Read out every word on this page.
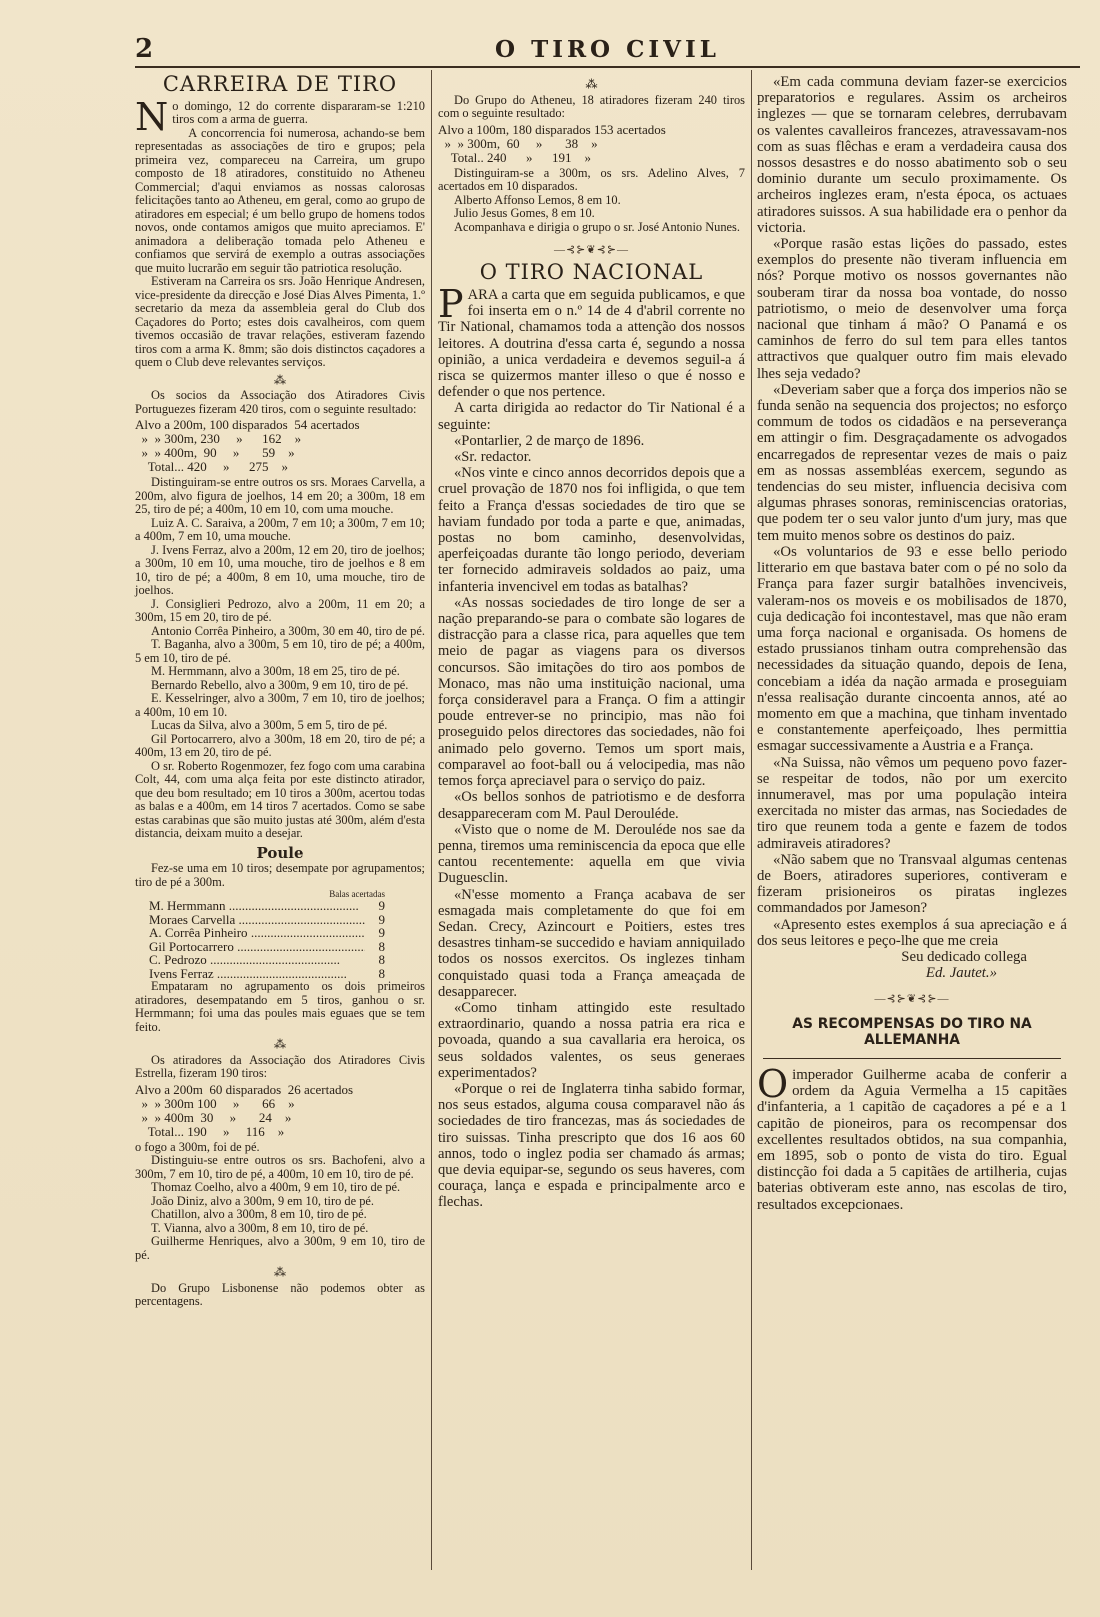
2	O TIRO CIVIL
CARREIRA DE TIRO

No domingo, 12 do corrente dispararam-se 1:210 tiros com a arma de guerra.

A concorrencia foi numerosa, achando-se bem representadas as associações de tiro e grupos; pela primeira vez, compareceu na Carreira, um grupo composto de 18 atiradores, constituido no Atheneu Commercial; d'aqui enviamos as nossas calorosas felicitações tanto ao Atheneu, em geral, como ao grupo de atiradores em especial; é um bello grupo de homens todos novos, onde contamos amigos que muito apreciamos. E' animadora a deliberação tomada pelo Atheneu e confiamos que servirá de exemplo a outras associações que muito lucrarão em seguir tão patriotica resolução.

Estiveram na Carreira os srs. João Henrique Andresen, vice-presidente da direcção e José Dias Alves Pimenta, 1.º secretario da meza da assembleia geral do Club dos Caçadores do Porto; estes dois cavalheiros, com quem tivemos occasião de travar relações, estiveram fazendo tiros com a arma K. 8mm; são dois distinctos caçadores a quem o Club deve relevantes serviços.

⁂

Os socios da Associação dos Atiradores Civis Portuguezes fizeram 420 tiros, com o seguinte resultado:

Alvo a 200m, 100 disparados  54 acertados
»  » 300m, 230     »      162    »
»  » 400m,  90     »       59    »
Total... 420     »      275    »

Distinguiram-se entre outros os srs. Moraes Carvella, a 200m, alvo figura de joelhos, 14 em 20; a 300m, 18 em 25, tiro de pé; a 400m, 10 em 10, com uma mouche.

Luiz A. C. Saraiva, a 200m, 7 em 10; a 300m, 7 em 10; a 400m, 7 em 10, uma mouche.

J. Ivens Ferraz, alvo a 200m, 12 em 20, tiro de joelhos; a 300m, 10 em 10, uma mouche, tiro de joelhos e 8 em 10, tiro de pé; a 400m, 8 em 10, uma mouche, tiro de joelhos.

J. Consiglieri Pedrozo, alvo a 200m, 11 em 20; a 300m, 15 em 20, tiro de pé.

Antonio Corrêa Pinheiro, a 300m, 30 em 40, tiro de pé.

T. Baganha, alvo a 300m, 5 em 10, tiro de pé; a 400m, 5 em 10, tiro de pé.

M. Hermmann, alvo a 300m, 18 em 25, tiro de pé.

Bernardo Rebello, alvo a 300m, 9 em 10, tiro de pé.

E. Kesselringer, alvo a 300m, 7 em 10, tiro de joelhos; a 400m, 10 em 10.

Lucas da Silva, alvo a 300m, 5 em 5, tiro de pé.

Gil Portocarrero, alvo a 300m, 18 em 20, tiro de pé; a 400m, 13 em 20, tiro de pé.

O sr. Roberto Rogenmozer, fez fogo com uma carabina Colt, 44, com uma alça feita por este distincto atirador, que deu bom resultado; em 10 tiros a 300m, acertou todas as balas e a 400m, em 14 tiros 7 acertados. Como se sabe estas carabinas que são muito justas até 300m, além d'esta distancia, deixam muito a desejar.

Poule

Fez-se uma em 10 tiros; desempate por agrupamentos; tiro de pé a 300m.

Balas acertadas
M. Hermmann .....	9
Moraes Carvella .....	9
A. Corrêa Pinheiro .....	9
Gil Portocarrero .....	8
C. Pedrozo .....	8
Ivens Ferraz .....	8

Empataram no agrupamento os dois primeiros atiradores, desempatando em 5 tiros, ganhou o sr. Hermmann; foi uma das poules mais eguaes que se tem feito.

⁂

Os atiradores da Associação dos Atiradores Civis Estrella, fizeram 190 tiros:

Alvo a 200m  60 disparados  26 acertados
»  » 300m 100     »       66    »
»  » 400m  30     »       24    »
Total... 190     »     116    »

o fogo a 300m, foi de pé.

Distinguiu-se entre outros os srs. Bachofeni, alvo a 300m, 7 em 10, tiro de pé, a 400m, 10 em 10, tiro de pé.

Thomaz Coelho, alvo a 400m, 9 em 10, tiro de pé.

João Diniz, alvo a 300m, 9 em 10, tiro de pé.

Chatillon, alvo a 300m, 8 em 10, tiro de pé.

T. Vianna, alvo a 300m, 8 em 10, tiro de pé.

Guilherme Henriques, alvo a 300m, 9 em 10, tiro de pé.

⁂

Do Grupo Lisbonense não podemos obter as percentagens.

⁂

Do Grupo do Atheneu, 18 atiradores fizeram 240 tiros com o seguinte resultado:

Alvo a 100m, 180 disparados 153 acertados
»  » 300m,  60     »       38    »
Total.. 240      »      191    »

Distinguiram-se a 300m, os srs. Adelino Alves, 7 acertados em 10 disparados.

Alberto Affonso Lemos, 8 em 10.

Julio Jesus Gomes, 8 em 10.

Acompanhava e dirigia o grupo o sr. José Antonio Nunes.

—⊰⊱❦⊰⊱—
O TIRO NACIONAL

PARA a carta que em seguida publicamos, e que foi inserta em o n.º 14 de 4 d'abril corrente no Tir National, chamamos toda a attenção dos nossos leitores. A doutrina d'essa carta é, segundo a nossa opinião, a unica verdadeira e devemos seguil-a á risca se quizermos manter illeso o que é nosso e defender o que nos pertence.

A carta dirigida ao redactor do Tir National é a seguinte:

«Pontarlier, 2 de março de 1896.

«Sr. redactor.

«Nos vinte e cinco annos decorridos depois que a cruel provação de 1870 nos foi infligida, o que tem feito a França d'essas sociedades de tiro que se haviam fundado por toda a parte e que, animadas, postas no bom caminho, desenvolvidas, aperfeiçoadas durante tão longo periodo, deveriam ter fornecido admiraveis soldados ao paiz, uma infanteria invencivel em todas as batalhas?

«As nossas sociedades de tiro longe de ser a nação preparando-se para o combate são logares de distracção para a classe rica, para aquelles que tem meio de pagar as viagens para os diversos concursos. São imitações do tiro aos pombos de Monaco, mas não uma instituição nacional, uma força consideravel para a França. O fim a attingir poude entrever-se no principio, mas não foi proseguido pelos directores das sociedades, não foi animado pelo governo. Temos um sport mais, comparavel ao foot-ball ou á velocipedia, mas não temos força apreciavel para o serviço do paiz.

«Os bellos sonhos de patriotismo e de desforra desappareceram com M. Paul Derouléde.

«Visto que o nome de M. Derouléde nos sae da penna, tiremos uma reminiscencia da epoca que elle cantou recentemente: aquella em que vivia Duguesclin.

«N'esse momento a França acabava de ser esmagada mais completamente do que foi em Sedan. Crecy, Azincourt e Poitiers, estes tres desastres tinham-se succedido e haviam anniquilado todos os nossos exercitos. Os inglezes tinham conquistado quasi toda a França ameaçada de desapparecer.

«Como tinham attingido este resultado extraordinario, quando a nossa patria era rica e povoada, quando a sua cavallaria era heroica, os seus soldados valentes, os seus generaes experimentados?

«Porque o rei de Inglaterra tinha sabido formar, nos seus estados, alguma cousa comparavel não ás sociedades de tiro francezas, mas ás sociedades de tiro suissas. Tinha prescripto que dos 16 aos 60 annos, todo o inglez podia ser chamado ás armas; que devia equipar-se, segundo os seus haveres, com couraça, lança e espada e principalmente arco e flechas.

«Em cada communa deviam fazer-se exercicios preparatorios e regulares. Assim os archeiros inglezes — que se tornaram celebres, derrubavam os valentes cavalleiros francezes, atravessavam-nos com as suas flêchas e eram a verdadeira causa dos nossos desastres e do nosso abatimento sob o seu dominio durante um seculo proximamente. Os archeiros inglezes eram, n'esta época, os actuaes atiradores suissos. A sua habilidade era o penhor da victoria.

«Porque rasão estas lições do passado, estes exemplos do presente não tiveram influencia em nós? Porque motivo os nossos governantes não souberam tirar da nossa boa vontade, do nosso patriotismo, o meio de desenvolver uma força nacional que tinham á mão? O Panamá e os caminhos de ferro do sul tem para elles tantos attractivos que qualquer outro fim mais elevado lhes seja vedado?

«Deveriam saber que a força dos imperios não se funda senão na sequencia dos projectos; no esforço commum de todos os cidadãos e na perseverança em attingir o fim. Desgraçadamente os advogados encarregados de representar vezes de mais o paiz em as nossas assembléas exercem, segundo as tendencias do seu mister, influencia decisiva com algumas phrases sonoras, reminiscencias oratorias, que podem ter o seu valor junto d'um jury, mas que tem muito menos sobre os destinos do paiz.

«Os voluntarios de 93 e esse bello periodo litterario em que bastava bater com o pé no solo da França para fazer surgir batalhões invenciveis, valeram-nos os moveis e os mobilisados de 1870, cuja dedicação foi incontestavel, mas que não eram uma força nacional e organisada. Os homens de estado prussianos tinham outra comprehensão das necessidades da situação quando, depois de Iena, concebiam a idéa da nação armada e proseguiam n'essa realisação durante cincoenta annos, até ao momento em que a machina, que tinham inventado e constantemente aperfeiçoado, lhes permittia esmagar successivamente a Austria e a França.

«Na Suissa, não vêmos um pequeno povo fazer-se respeitar de todos, não por um exercito innumeravel, mas por uma população inteira exercitada no mister das armas, nas Sociedades de tiro que reunem toda a gente e fazem de todos admiraveis atiradores?

«Não sabem que no Transvaal algumas centenas de Boers, atiradores superiores, contiveram e fizeram prisioneiros os piratas inglezes commandados por Jameson?

«Apresento estes exemplos á sua apreciação e á dos seus leitores e peço-lhe que me creia

Seu dedicado collega
Ed. Jautet.»
—⊰⊱❦⊰⊱—
AS RECOMPENSAS DO TIRO NA ALLEMANHA

Oimperador Guilherme acaba de conferir a ordem da Aguia Vermelha a 15 capitães d'infanteria, a 1 capitão de caçadores a pé e a 1 capitão de pioneiros, para os recompensar dos excellentes resultados obtidos, na sua companhia, em 1895, sob o ponto de vista do tiro. Egual distincção foi dada a 5 capitães de artilheria, cujas baterias obtiveram este anno, nas escolas de tiro, resultados excepcionaes.
